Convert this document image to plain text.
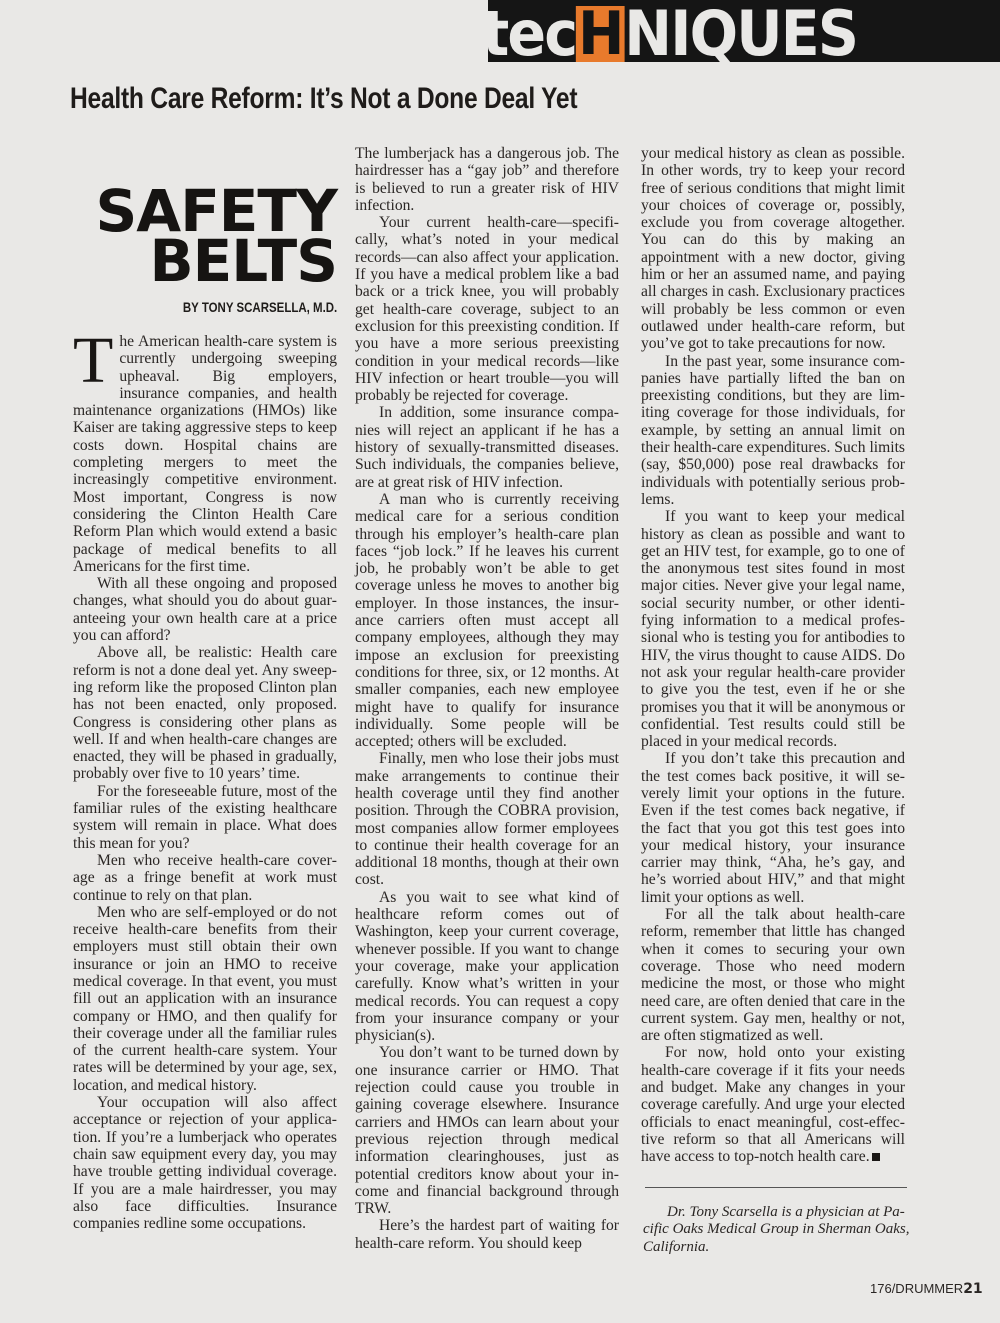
tec H NIQUES
Health Care Reform: It’s Not a Done Deal Yet
SAFETY
BELTS
BY TONY SCARSELLA, M.D.

The American health-care system is currently undergoing sweeping upheaval. Big employers, insurance companies, and health maintenance organizations (HMOs) like Kaiser are taking aggressive steps to keep costs down. Hospital chains are completing mergers to meet the increasingly competitive environment. Most important, Congress is now considering the Clinton Health Care Reform Plan which would extend a basic package of medical benefits to all Americans for the first time.

With all these ongoing and proposed changes, what should you do about guaranteeing your own health care at a price you can afford?

Above all, be realistic: Health care reform is not a done deal yet. Any sweeping reform like the proposed Clinton plan has not been enacted, only proposed. Congress is considering other plans as well. If and when health-care changes are enacted, they will be phased in gradually, probably over five to 10 years’ time.

For the foreseeable future, most of the familiar rules of the existing healthcare system will remain in place. What does this mean for you?

Men who receive health-care coverage as a fringe benefit at work must continue to rely on that plan.

Men who are self-employed or do not receive health-care benefits from their employers must still obtain their own insurance or join an HMO to receive medical coverage. In that event, you must fill out an application with an insurance company or HMO, and then qualify for their coverage under all the familiar rules of the current health-care system. Your rates will be determined by your age, sex, location, and medical history.

Your occupation will also affect acceptance or rejection of your application. If you’re a lumberjack who operates chain saw equipment every day, you may have trouble getting individual coverage. If you are a male hairdresser, you may also face difficulties. Insurance companies redline some occupations.

The lumberjack has a dangerous job. The hairdresser has a “gay job” and therefore is believed to run a greater risk of HIV infection.

Your current health-care—specifically, what’s noted in your medical records—can also affect your application. If you have a medical problem like a bad back or a trick knee, you will probably get health-care coverage, subject to an exclusion for this preexisting condition. If you have a more serious preexisting condition in your medical records—like HIV infection or heart trouble—you will probably be rejected for coverage.

In addition, some insurance companies will reject an applicant if he has a history of sexually-transmitted diseases. Such individuals, the companies believe, are at great risk of HIV infection.

A man who is currently receiving medical care for a serious condition through his employer’s health-care plan faces “job lock.” If he leaves his current job, he probably won’t be able to get coverage unless he moves to another big employer. In those instances, the insurance carriers often must accept all company employees, although they may impose an exclusion for preexisting conditions for three, six, or 12 months. At smaller companies, each new employee might have to qualify for insurance individually. Some people will be accepted; others will be excluded.

Finally, men who lose their jobs must make arrangements to continue their health coverage until they find another position. Through the COBRA provision, most companies allow former employees to continue their health coverage for an additional 18 months, though at their own cost.

As you wait to see what kind of healthcare reform comes out of Washington, keep your current coverage, whenever possible. If you want to change your coverage, make your application carefully. Know what’s written in your medical records. You can request a copy from your insurance company or your physician(s).

You don’t want to be turned down by one insurance carrier or HMO. That rejection could cause you trouble in gaining coverage elsewhere. Insurance carriers and HMOs can learn about your previous rejection through medical information clearinghouses, just as potential creditors know about your income and financial background through TRW.

Here’s the hardest part of waiting for health-care reform. You should keep

your medical history as clean as possible. In other words, try to keep your record free of serious conditions that might limit your choices of coverage or, possibly, exclude you from coverage altogether. You can do this by making an appointment with a new doctor, giving him or her an assumed name, and paying all charges in cash. Exclusionary practices will probably be less common or even outlawed under health-care reform, but you’ve got to take precautions for now.

In the past year, some insurance companies have partially lifted the ban on preexisting conditions, but they are limiting coverage for those individuals, for example, by setting an annual limit on their health-care expenditures. Such limits (say, $50,000) pose real drawbacks for individuals with potentially serious problems.

If you want to keep your medical history as clean as possible and want to get an HIV test, for example, go to one of the anonymous test sites found in most major cities. Never give your legal name, social security number, or other identifying information to a medical professional who is testing you for antibodies to HIV, the virus thought to cause AIDS. Do not ask your regular health-care provider to give you the test, even if he or she promises you that it will be anonymous or confidential. Test results could still be placed in your medical records.

If you don’t take this precaution and the test comes back positive, it will severely limit your options in the future. Even if the test comes back negative, if the fact that you got this test goes into your medical history, your insurance carrier may think, “Aha, he’s gay, and he’s worried about HIV,” and that might limit your options as well.

For all the talk about health-care reform, remember that little has changed when it comes to securing your own coverage. Those who need modern medicine the most, or those who might need care, are often denied that care in the current system. Gay men, healthy or not, are often stigmatized as well.

For now, hold onto your existing health-care coverage if it fits your needs and budget. Make any changes in your coverage carefully. And urge your elected officials to enact meaningful, cost-effective reform so that all Americans will have access to top-notch health care.

Dr. Tony Scarsella is a physician at Pacific Oaks Medical Group in Sherman Oaks, California.
176/DRUMMER21
